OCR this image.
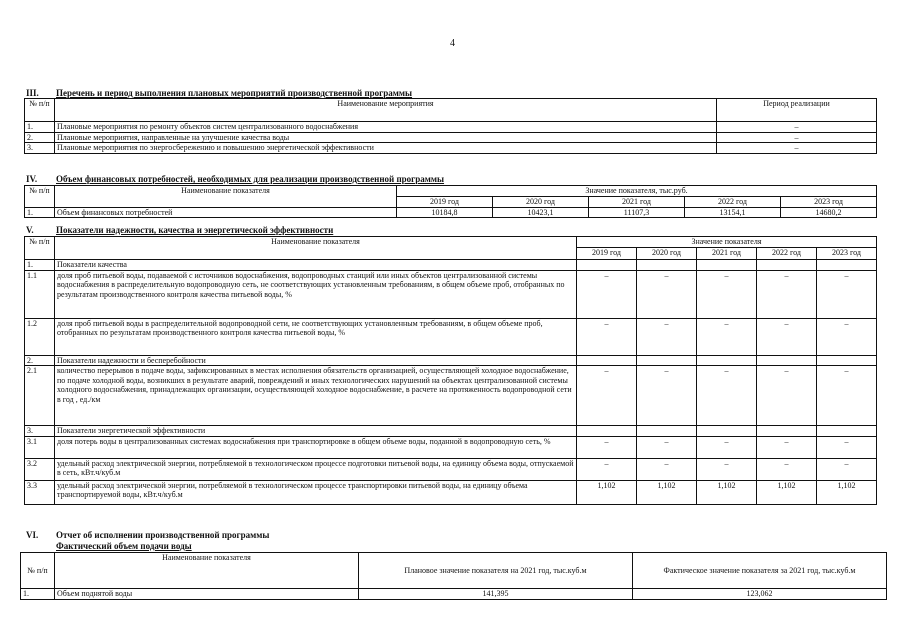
4
III. Перечень и период выполнения плановых мероприятий производственной программы
№ п/п	Наименование мероприятия	Период реализации
1.	Плановые мероприятия по ремонту объектов систем централизованного водоснабжения	–
2.	Плановые мероприятия, направленные на улучшение качества воды	–
3.	Плановые мероприятия по энергосбережению и повышению энергетической эффективности	–
IV. Объем финансовых потребностей, необходимых для реализации производственной программы
№ п/п	Наименование показателя	Значение показателя, тыс.руб.				
		2019 год	2020 год	2021 год	2022 год	2023 год
1.	Объем финансовых потребностей	10184,8	10423,1	11107,3	13154,1	14680,2
V. Показатели надежности, качества и энергетической эффективности
№ п/п	Наименование показателя	Значение показателя				
		2019 год	2020 год	2021 год	2022 год	2023 год
1.	Показатели качества					
1.1	доля проб питьевой воды, подаваемой с источников водоснабжения, водопроводных станций или иных объектов централизованной системы водоснабжения в распределительную водопроводную сеть, не соответствующих установленным требованиям, в общем объеме проб, отобранных по результатам производственного контроля качества питьевой воды, %	–	–	–	–	–
1.2	доля проб питьевой воды в распределительной водопроводной сети, не соответствующих установленным требованиям, в общем объеме проб, отобранных по результатам производственного контроля качества питьевой воды, %	–	–	–	–	–
2.	Показатели надежности и бесперебойности					
2.1	количество перерывов в подаче воды, зафиксированных в местах исполнения обязательств организацией, осуществляющей холодное водоснабжение, по подаче холодной воды, возникших в результате аварий, повреждений и иных технологических нарушений на объектах централизованной системы холодного водоснабжения, принадлежащих организации, осуществляющей холодное водоснабжение, в расчете на протяженность водопроводной сети в год , ед./км	–	–	–	–	–
3.	Показатели энергетической эффективности					
3.1	доля потерь воды в централизованных системах водоснабжения при транспортировке в общем объеме воды, поданной в водопроводную сеть, %	–	–	–	–	–
3.2	удельный расход электрической энергии, потребляемой в технологическом процессе подготовки питьевой воды, на единицу объема воды, отпускаемой в сеть, кВт.ч/куб.м	–	–	–	–	–
3.3	удельный расход электрической энергии, потребляемой в технологическом процессе транспортировки питьевой воды, на единицу объема транспортируемой воды, кВт.ч/куб.м	1,102	1,102	1,102	1,102	1,102
VI. Отчет об исполнении производственной программы
Фактический объем подачи воды
№ п/п	Наименование показателя	Плановое значение показателя на 2021 год, тыс.куб.м	Фактическое значение показателя за 2021 год, тыс.куб.м
1.	Объем поднятой воды	141,395	123,062
